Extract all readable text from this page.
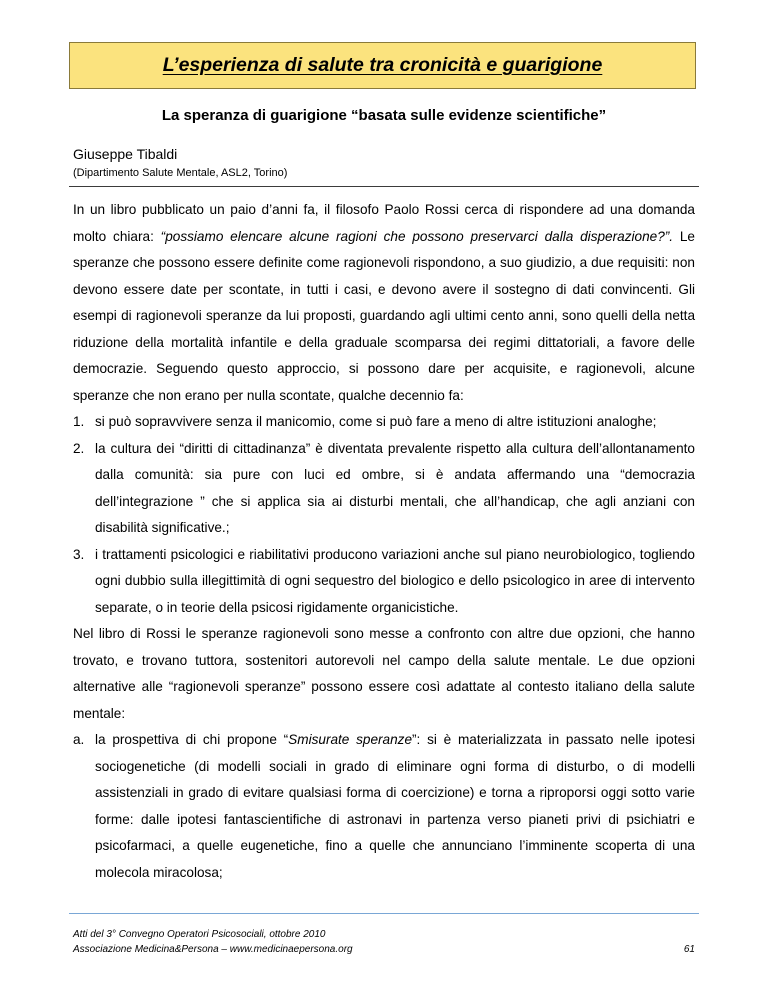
L’esperienza di salute tra cronicità e guarigione
La speranza di guarigione “basata sulle evidenze scientifiche”
Giuseppe Tibaldi
(Dipartimento Salute Mentale, ASL2, Torino)

In un libro pubblicato un paio d’anni fa, il filosofo Paolo Rossi cerca di rispondere ad una domanda molto chiara: “possiamo elencare alcune ragioni che possono preservarci dalla disperazione?”. Le speranze che possono essere definite come ragionevoli rispondono, a suo giudizio, a due requisiti: non devono essere date per scontate, in tutti i casi, e devono avere il sostegno di dati convincenti. Gli esempi di ragionevoli speranze da lui proposti, guardando agli ultimi cento anni, sono quelli della netta riduzione della mortalità infantile e della graduale scomparsa dei regimi dittatoriali, a favore delle democrazie. Seguendo questo approccio, si possono dare per acquisite, e ragionevoli, alcune speranze che non erano per nulla scontate, qualche decennio fa:

1. si può sopravvivere senza il manicomio, come si può fare a meno di altre istituzioni analoghe;
2. la cultura dei “diritti di cittadinanza” è diventata prevalente rispetto alla cultura dell’allontanamento dalla comunità: sia pure con luci ed ombre, si è andata affermando una “democrazia dell’integrazione ” che si applica sia ai disturbi mentali, che all’handicap, che agli anziani con disabilità significative.;
3. i trattamenti psicologici e riabilitativi producono variazioni anche sul piano neurobiologico, togliendo ogni dubbio sulla illegittimità di ogni sequestro del biologico e dello psicologico in aree di intervento separate, o in teorie della psicosi rigidamente organicistiche.

Nel libro di Rossi le speranze ragionevoli sono messe a confronto con altre due opzioni, che hanno trovato, e trovano tuttora, sostenitori autorevoli nel campo della salute mentale. Le due opzioni alternative alle “ragionevoli speranze” possono essere così adattate al contesto italiano della salute mentale:

a. la prospettiva di chi propone “Smisurate speranze”: si è materializzata in passato nelle ipotesi sociogenetiche (di modelli sociali in grado di eliminare ogni forma di disturbo, o di modelli assistenziali in grado di evitare qualsiasi forma di coercizione) e torna a riproporsi oggi sotto varie forme: dalle ipotesi fantascientifiche di astronavi in partenza verso pianeti privi di psichiatri e psicofarmaci, a quelle eugenetiche, fino a quelle che annunciano l’imminente scoperta di una molecola miracolosa;
Atti del 3° Convegno Operatori Psicosociali, ottobre 2010
Associazione Medicina&Persona – www.medicinaepersona.org	61
